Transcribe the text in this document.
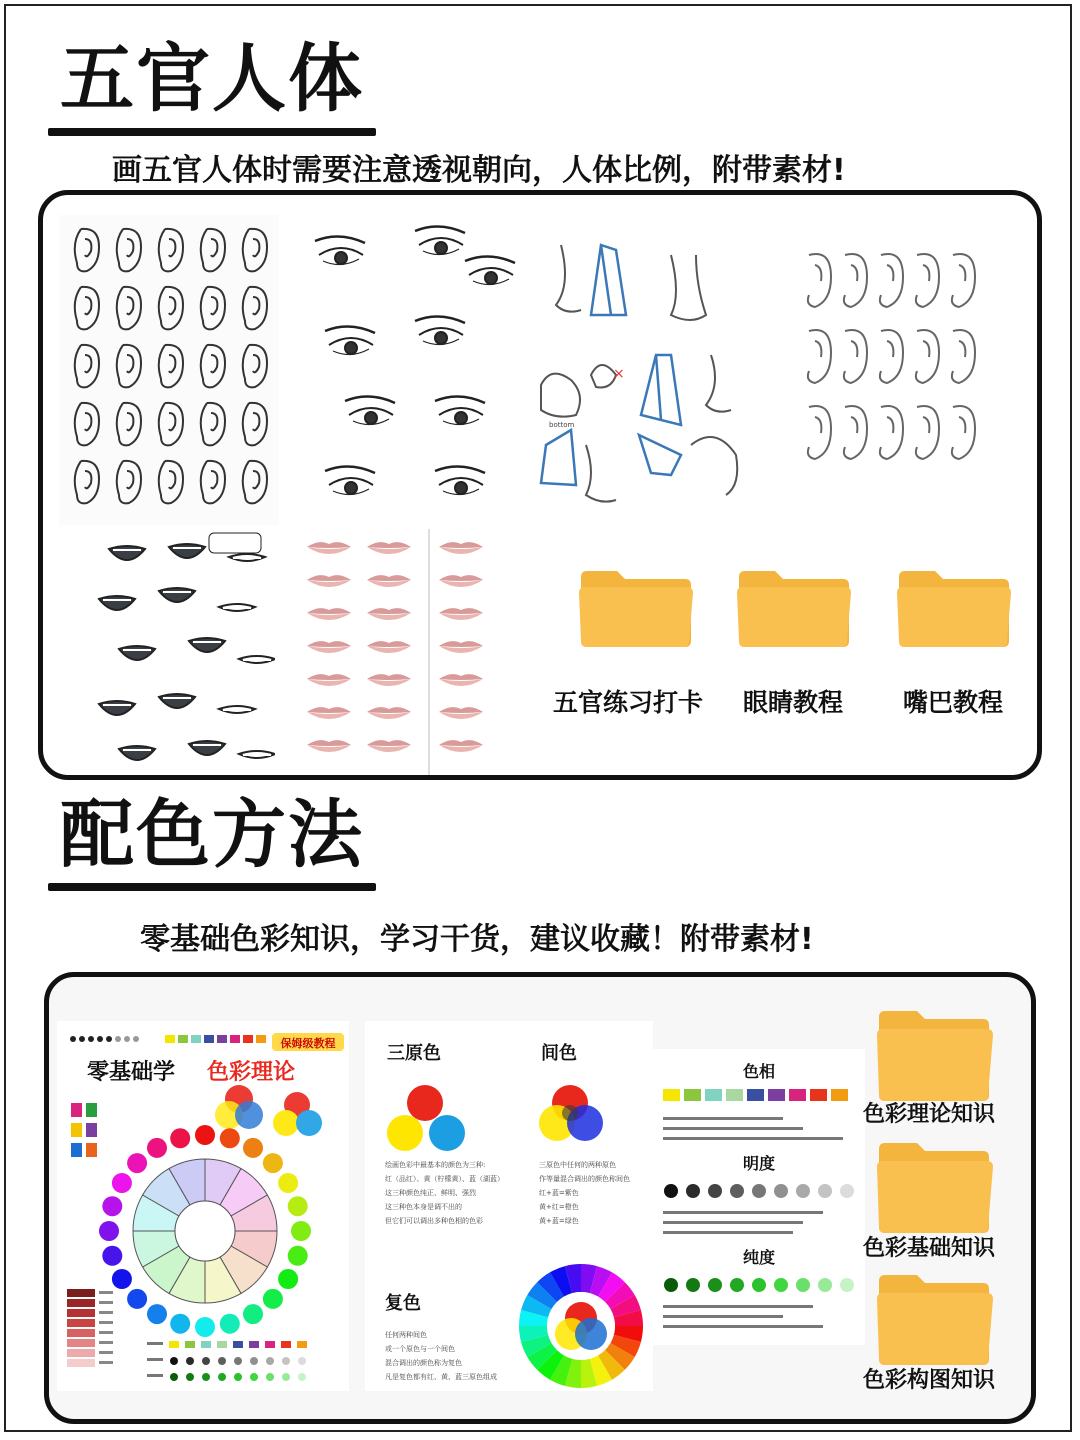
五官人体
画五官人体时需要注意透视朝向，人体比例，附带素材!
bottom
×
五官练习打卡 眼睛教程 嘴巴教程
配色方法
零基础色彩知识，学习干货，建议收藏！附带素材!
保姆级教程
零基础学 色彩理论
三原色	间色
绘画色彩中最基本的颜色为三种:
红（品红）、黄（柠檬黄）、蓝（湖蓝）
这三种颜色纯正、鲜明、强烈
这三种色本身是调不出的
但它们可以调出多种色相的色彩
三原色中任何的两种原色
作等量混合调出的颜色称间色
红+蓝=紫色
黄+红=橙色
黄+蓝=绿色
复色
任何两种间色
或一个原色与一个间色
混合调出的颜色称为复色
凡是复色都有红、黄、蓝三原色组成
色相
明度
纯度
色彩理论知识
色彩基础知识
色彩构图知识
